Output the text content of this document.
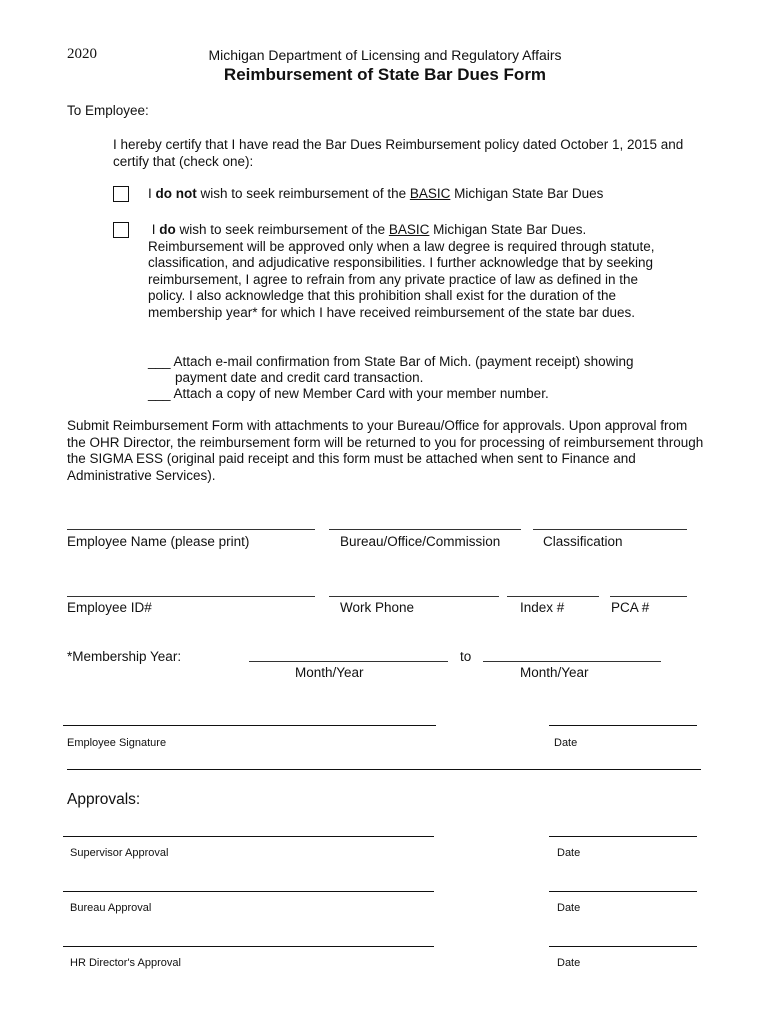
2020	Michigan Department of Licensing and Regulatory Affairs
Reimbursement of State Bar Dues Form
To Employee:
I hereby certify that I have read the Bar Dues Reimbursement policy dated October 1, 2015 and certify that (check one):
I do not wish to seek reimbursement of the BASIC Michigan State Bar Dues

I do wish to seek reimbursement of the BASIC Michigan State Bar Dues.

Reimbursement will be approved only when a law degree is required through statute, classification, and adjudicative responsibilities. I further acknowledge that by seeking reimbursement, I agree to refrain from any private practice of law as defined in the policy. I also acknowledge that this prohibition shall exist for the duration of the membership year* for which I have received reimbursement of the state bar dues.

___ Attach e-mail confirmation from State Bar of Mich. (payment receipt) showing
payment date and credit card transaction.
___ Attach a copy of new Member Card with your member number.
Submit Reimbursement Form with attachments to your Bureau/Office for approvals. Upon approval from the OHR Director, the reimbursement form will be returned to you for processing of reimbursement through the SIGMA ESS (original paid receipt and this form must be attached when sent to Finance and Administrative Services).
Employee Name (please print)	Bureau/Office/Commission	Classification
Employee ID#	Work Phone	Index #	PCA #
*Membership Year:	to
Month/Year	Month/Year
Employee Signature	Date
Approvals:
Supervisor Approval	Date
Bureau Approval	Date
HR Director's Approval	Date
